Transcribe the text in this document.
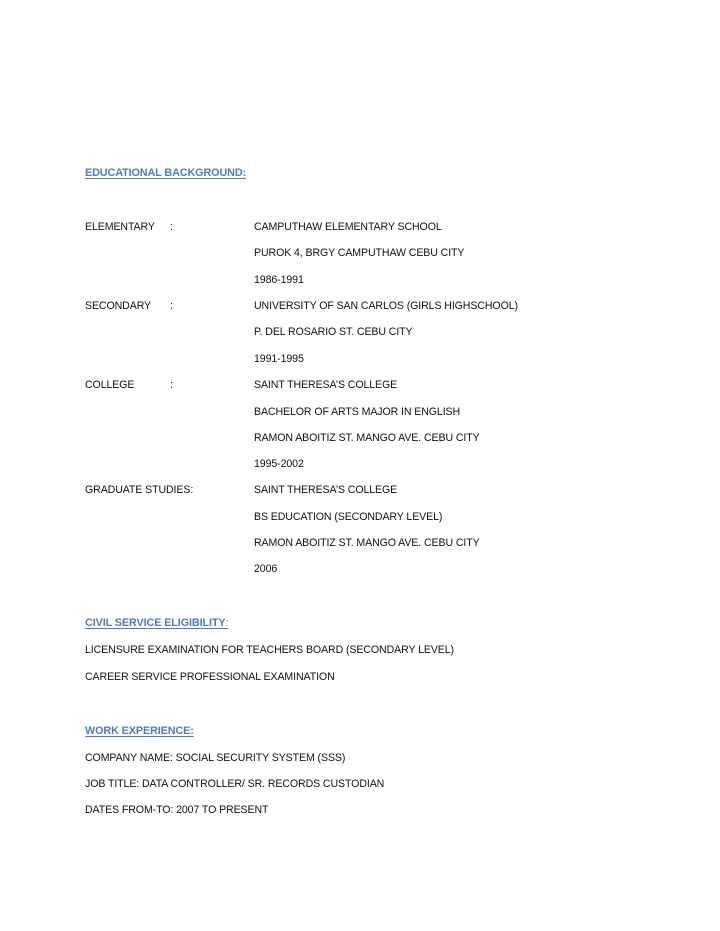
EDUCATIONAL BACKGROUND:
ELEMENTARY :	CAMPUTHAW ELEMENTARY SCHOOL
PUROK 4, BRGY CAMPUTHAW CEBU CITY
1986-1991
SECONDARY :	UNIVERSITY OF SAN CARLOS (GIRLS HIGHSCHOOL)
P. DEL ROSARIO ST. CEBU CITY
1991-1995
COLLEGE	:	SAINT THERESA’S COLLEGE
BACHELOR OF ARTS MAJOR IN ENGLISH
RAMON ABOITIZ ST. MANGO AVE. CEBU CITY
1995-2002
GRADUATE STUDIES:	SAINT THERESA’S COLLEGE
BS EDUCATION (SECONDARY LEVEL)
RAMON ABOITIZ ST. MANGO AVE. CEBU CITY
2006
CIVIL SERVICE ELIGIBILITY:
LICENSURE EXAMINATION FOR TEACHERS BOARD (SECONDARY LEVEL)
CAREER SERVICE PROFESSIONAL EXAMINATION
WORK EXPERIENCE:
COMPANY NAME: SOCIAL SECURITY SYSTEM (SSS)
JOB TITLE: DATA CONTROLLER/ SR. RECORDS CUSTODIAN
DATES FROM-TO: 2007 TO PRESENT
